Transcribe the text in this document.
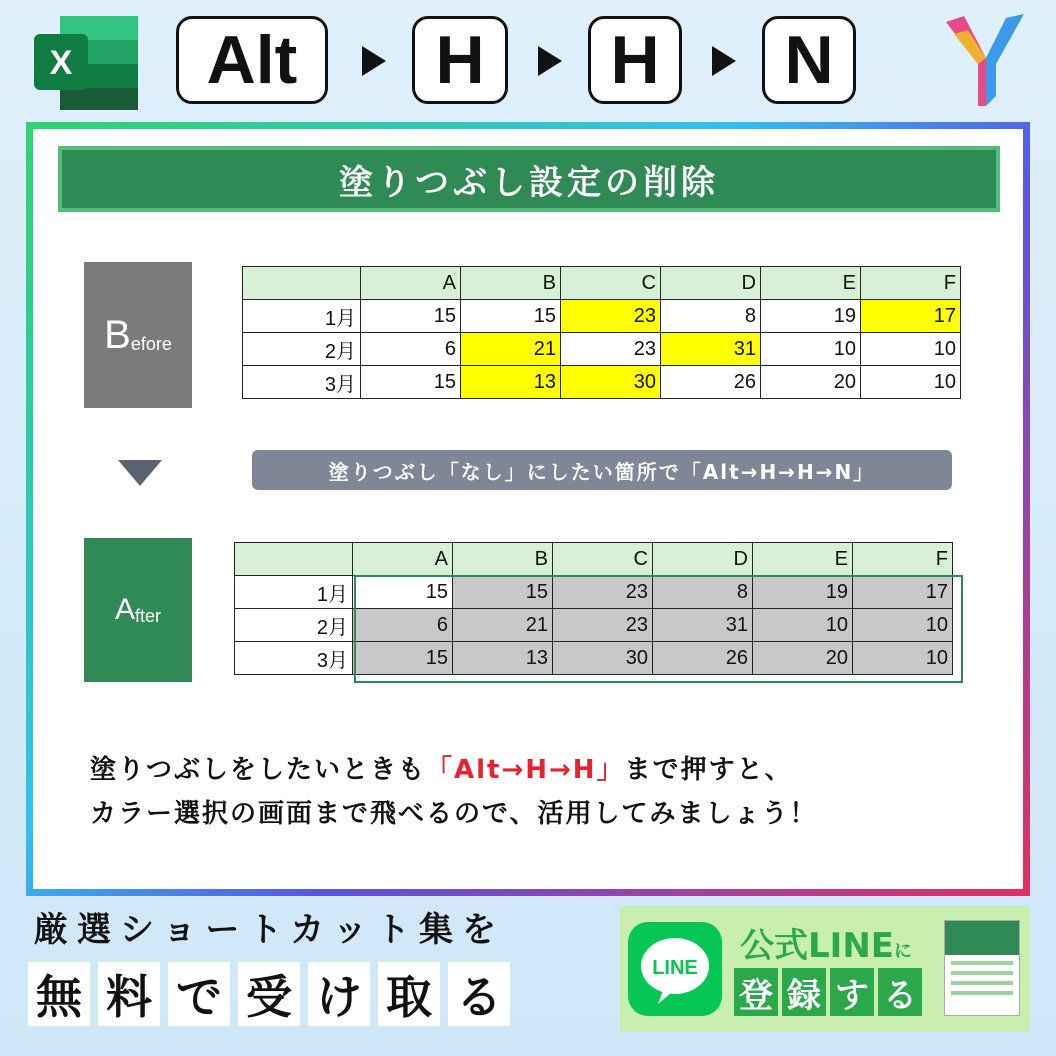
X	Alt	H	H	N
塗りつぶし設定の削除
B efore
	A	B	C	D	E	F
1月	15	15	23	8	19	17
2月	6	21	23	31	10	10
3月	15	13	30	26	20	10
塗りつぶし「なし」にしたい箇所で「Alt→H→H→N」
A fter
	A	B	C	D	E	F
1月	15	15	23	8	19	17
2月	6	21	23	31	10	10
3月	15	13	30	26	20	10
塗りつぶしをしたいときも「Alt→H→H」まで押すと、
カラー選択の画面まで飛べるので、活用してみましょう！
厳選ショートカット集を
無 料 で 受 け 取 る
LINE
公式LINEに
登 録 す る
